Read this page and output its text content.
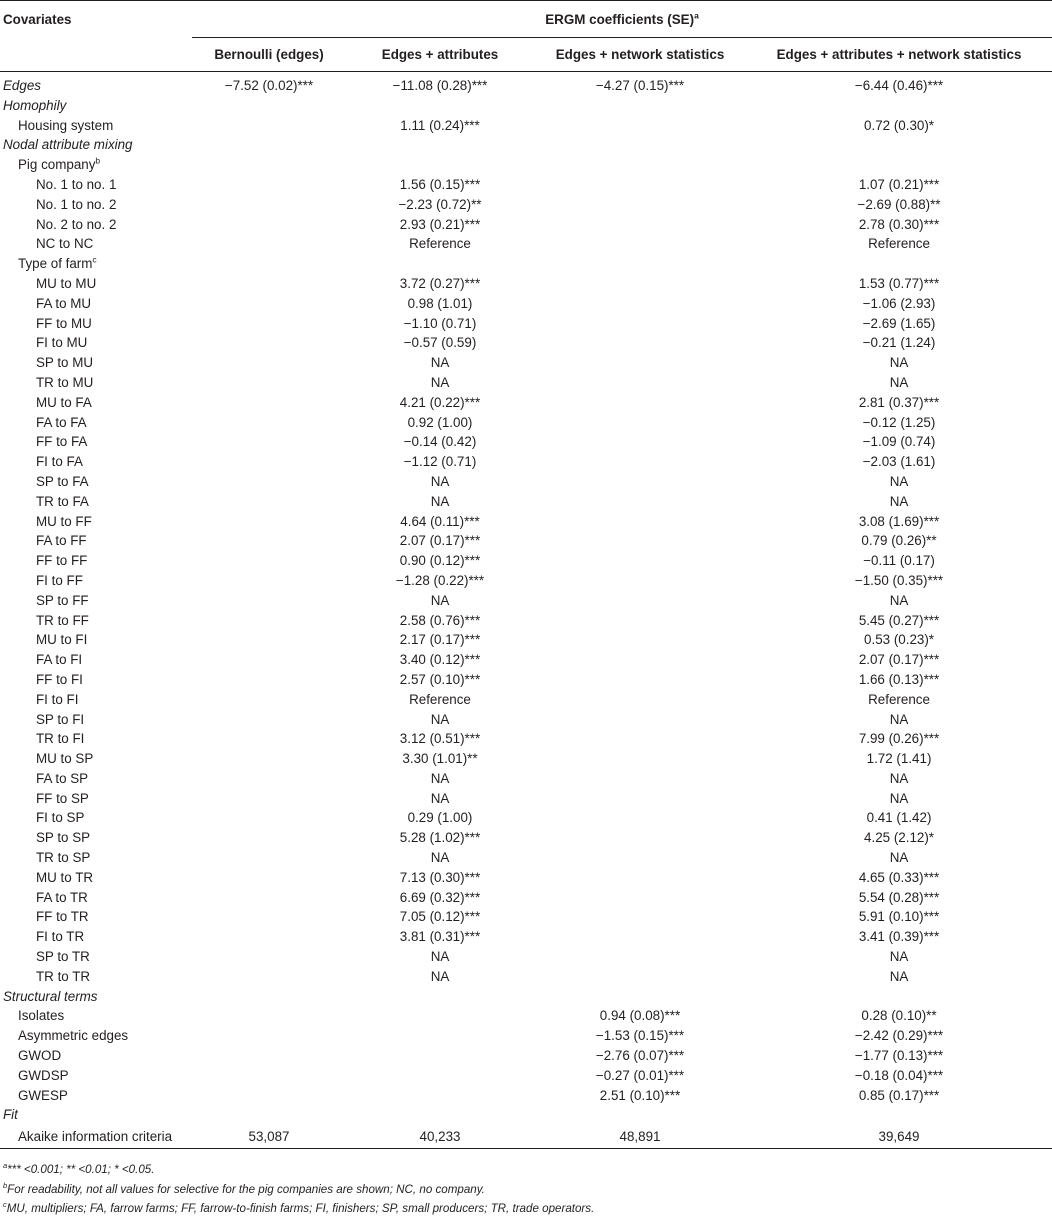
Covariates	ERGM coefficients (SE)$^a$
	Bernoulli (edges)	Edges + attributes	Edges + network statistics	Edges + attributes + network statistics
Edges	−7.52 (0.02)***	−11.08 (0.28)***	−4.27 (0.15)***	−6.44 (0.46)***
Homophily				
Housing system		1.11 (0.24)***		0.72 (0.30)*
Nodal attribute mixing				
Pig company$^b$				
No. 1 to no. 1		1.56 (0.15)***		1.07 (0.21)***
No. 1 to no. 2		−2.23 (0.72)**		−2.69 (0.88)**
No. 2 to no. 2		2.93 (0.21)***		2.78 (0.30)***
NC to NC		Reference		Reference
Type of farm$^c$				
MU to MU		3.72 (0.27)***		1.53 (0.77)***
FA to MU		0.98 (1.01)		−1.06 (2.93)
FF to MU		−1.10 (0.71)		−2.69 (1.65)
FI to MU		−0.57 (0.59)		−0.21 (1.24)
SP to MU		NA		NA
TR to MU		NA		NA
MU to FA		4.21 (0.22)***		2.81 (0.37)***
FA to FA		0.92 (1.00)		−0.12 (1.25)
FF to FA		−0.14 (0.42)		−1.09 (0.74)
FI to FA		−1.12 (0.71)		−2.03 (1.61)
SP to FA		NA		NA
TR to FA		NA		NA
MU to FF		4.64 (0.11)***		3.08 (1.69)***
FA to FF		2.07 (0.17)***		0.79 (0.26)**
FF to FF		0.90 (0.12)***		−0.11 (0.17)
FI to FF		−1.28 (0.22)***		−1.50 (0.35)***
SP to FF		NA		NA
TR to FF		2.58 (0.76)***		5.45 (0.27)***
MU to FI		2.17 (0.17)***		0.53 (0.23)*
FA to FI		3.40 (0.12)***		2.07 (0.17)***
FF to FI		2.57 (0.10)***		1.66 (0.13)***
FI to FI		Reference		Reference
SP to FI		NA		NA
TR to FI		3.12 (0.51)***		7.99 (0.26)***
MU to SP		3.30 (1.01)**		1.72 (1.41)
FA to SP		NA		NA
FF to SP		NA		NA
FI to SP		0.29 (1.00)		0.41 (1.42)
SP to SP		5.28 (1.02)***		4.25 (2.12)*
TR to SP		NA		NA
MU to TR		7.13 (0.30)***		4.65 (0.33)***
FA to TR		6.69 (0.32)***		5.54 (0.28)***
FF to TR		7.05 (0.12)***		5.91 (0.10)***
FI to TR		3.81 (0.31)***		3.41 (0.39)***
SP to TR		NA		NA
TR to TR		NA		NA
Structural terms				
Isolates			0.94 (0.08)***	0.28 (0.10)**
Asymmetric edges			−1.53 (0.15)***	−2.42 (0.29)***
GWOD			−2.76 (0.07)***	−1.77 (0.13)***
GWDSP			−0.27 (0.01)***	−0.18 (0.04)***
GWESP			2.51 (0.10)***	0.85 (0.17)***
Fit				
Akaike information criteria	53,087	40,233	48,891	39,649
$^a$*** <0.001; ** <0.01; * <0.05.
$^b$For readability, not all values for selective for the pig companies are shown; NC, no company.
$^c$MU, multipliers; FA, farrow farms; FF, farrow-to-finish farms; FI, finishers; SP, small producers; TR, trade operators.
